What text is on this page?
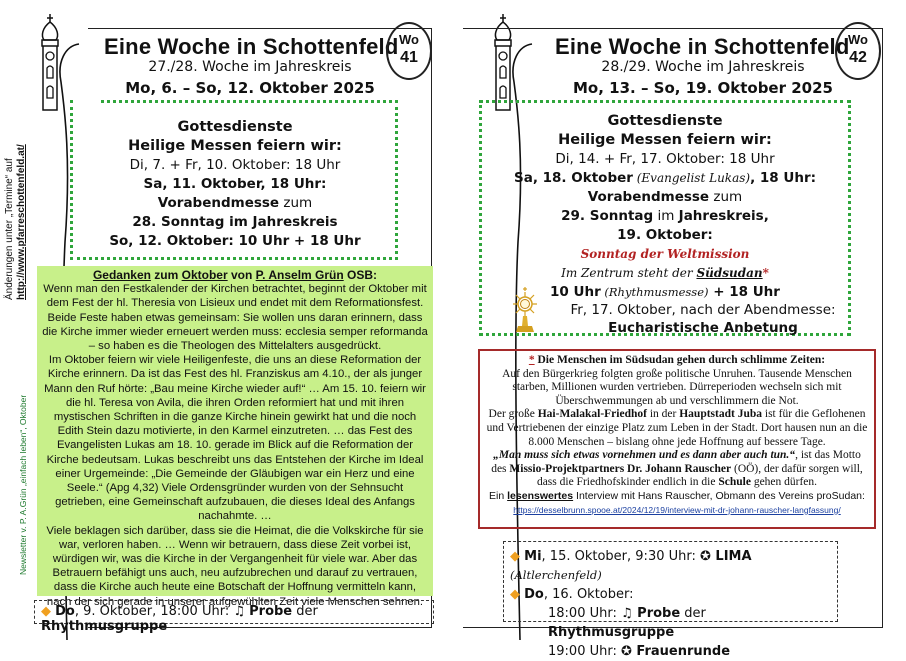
Änderungen unter „Termine“ auf
http://www.pfarreschottenfeld.at/
Newsletter v. P. A.Grün „einfach leben“, Oktober
Eine Woche in Schottenfeld Wo
41
27./28. Woche im Jahreskreis
Mo, 6. – So, 12. Oktober 2025
Gottesdienste
Heilige Messen feiern wir:
Di, 7. + Fr, 10. Oktober: 18 Uhr
Sa, 11. Oktober, 18 Uhr:
Vorabendmesse zum
28. Sonntag im Jahreskreis
So, 12. Oktober: 10 Uhr + 18 Uhr
Gedanken zum Oktober von P. Anselm Grün OSB:

Wenn man den Festkalender der Kirchen betrachtet, beginnt der Oktober mit dem Fest der hl. Theresia von Lisieux und endet mit dem Reformationsfest. Beide Feste haben etwas gemeinsam: Sie wollen uns daran erinnern, dass die Kirche immer wieder erneuert werden muss: ecclesia semper reformanda – so haben es die Theologen des Mittelalters ausgedrückt.

Im Oktober feiern wir viele Heiligenfeste, die uns an diese Reformation der Kirche erinnern. Da ist das Fest des hl. Franziskus am 4.10., der als junger Mann den Ruf hörte: „Bau meine Kirche wieder auf!“ … Am 15. 10. feiern wir die hl. Teresa von Avila, die ihren Orden reformiert hat und mit ihren mystischen Schriften in die ganze Kirche hinein gewirkt hat und die noch Edith Stein dazu motivierte, in den Karmel einzutreten. … das Fest des Evangelisten Lukas am 18. 10. gerade im Blick auf die Reformation der Kirche bedeutsam. Lukas beschreibt uns das Entstehen der Kirche im Ideal einer Urgemeinde: „Die Gemeinde der Gläubigen war ein Herz und eine Seele.“ (Apg 4,32) Viele Ordensgründer wurden von der Sehnsucht getrieben, eine Gemeinschaft aufzubauen, die dieses Ideal des Anfangs nachahmte. …

Viele beklagen sich darüber, dass sie die Heimat, die die Volkskirche für sie war, verloren haben. … Wenn wir betrauern, dass diese Zeit vorbei ist, würdigen wir, was die Kirche in der Vergangenheit für viele war. Aber das Betrauern befähigt uns auch, neu aufzubrechen und darauf zu vertrauen, dass die Kirche auch heute eine Botschaft der Hoffnung vermitteln kann, nach der sich gerade in unserer aufgewühlten Zeit viele Menschen sehnen.

◆ Do, 9. Oktober, 18:00 Uhr: ♫ Probe der Rhythmusgruppe
Eine Woche in Schottenfeld
Wo
42
28./29. Woche im Jahreskreis
Mo, 13. – So, 19. Oktober 2025
Gottesdienste
Heilige Messen feiern wir:
Di, 14. + Fr, 17. Oktober: 18 Uhr
Sa, 18. Oktober (Evangelist Lukas), 18 Uhr:
Vorabendmesse zum
29. Sonntag im Jahreskreis,
19. Oktober:
Sonntag der Weltmission
Im Zentrum steht der Südsudan*
10 Uhr (Rhythmusmesse) + 18 Uhr
Fr, 17. Oktober, nach der Abendmesse:
Eucharistische Anbetung
* Die Menschen im Südsudan gehen durch schlimme Zeiten:
Auf den Bürgerkrieg folgten große politische Unruhen. Tausende Menschen starben, Millionen wurden vertrieben. Dürreperioden wechseln sich mit Überschwemmungen ab und verschlimmern die Not.
Der große Hai-Malakal-Friedhof in der Hauptstadt Juba ist für die Geflohenen und Vertriebenen der einzige Platz zum Leben in der Stadt. Dort hausen nun an die 8.000 Menschen – bislang ohne jede Hoffnung auf bessere Tage.
„Man muss sich etwas vornehmen und es dann aber auch tun.“, ist das Motto des Missio-Projektpartners Dr. Johann Rauscher (OÖ), der dafür sorgen will, dass die Friedhofskinder endlich in die Schule gehen dürfen.
Ein lesenswertes Interview mit Hans Rauscher, Obmann des Vereins proSudan:
https://desselbrunn.spooe.at/2024/12/19/interview-mit-dr-johann-rauscher-langfassung/
◆ Mi, 15. Oktober, 9:30 Uhr: ✪ LIMA (Altlerchenfeld)
◆ Do, 16. Oktober:
18:00 Uhr: ♫ Probe der Rhythmusgruppe
19:00 Uhr: ✪ Frauenrunde
